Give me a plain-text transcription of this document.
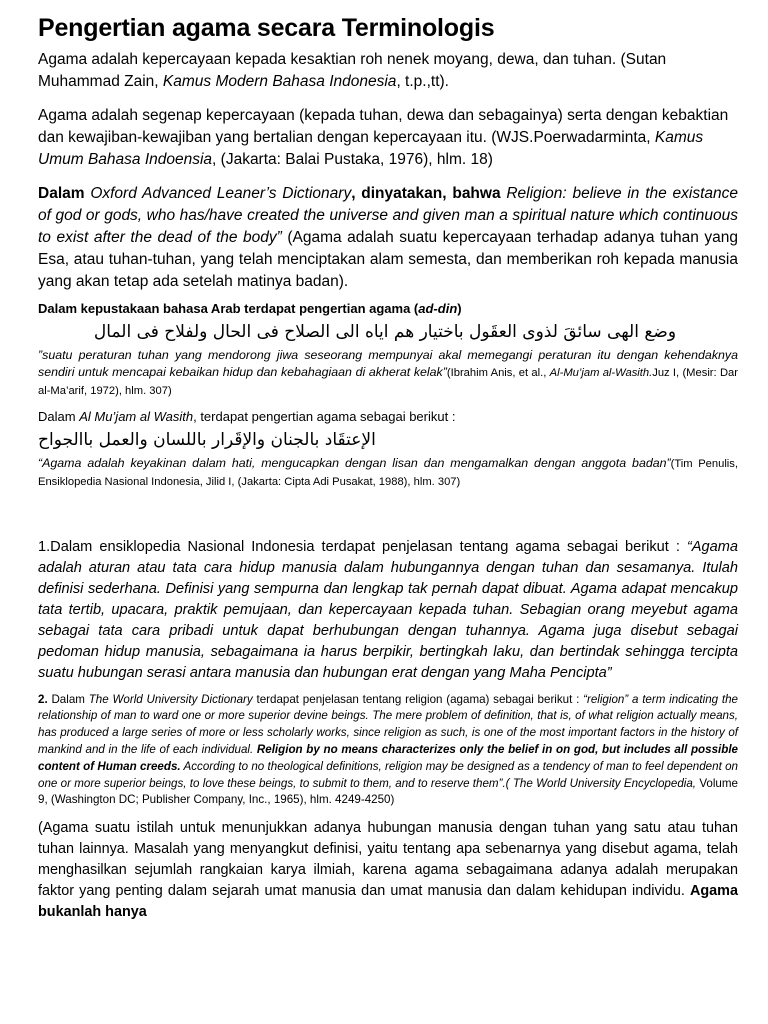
Pengertian agama secara Terminologis

Agama adalah kepercayaan kepada kesaktian roh nenek moyang, dewa, dan tuhan. (Sutan Muhammad Zain, Kamus Modern Bahasa Indonesia, t.p.,tt).

Agama adalah segenap kepercayaan (kepada tuhan, dewa dan sebagainya) serta dengan kebaktian dan kewajiban-kewajiban yang bertalian dengan kepercayaan itu. (WJS.Poerwadarminta, Kamus Umum Bahasa Indoensia, (Jakarta: Balai Pustaka, 1976), hlm. 18)

Dalam Oxford Advanced Leaner’s Dictionary, dinyatakan, bahwa Religion: believe in the existance of god or gods, who has/have created the universe and given man a spiritual nature which continuous to exist after the dead of the body” (Agama adalah suatu kepercayaan terhadap adanya tuhan yang Esa, atau tuhan-tuhan, yang telah menciptakan alam semesta, dan memberikan roh kepada manusia yang akan tetap ada setelah matinya badan).

Dalam kepustakaan bahasa Arab terdapat pengertian agama (ad-din)

وضع الهى سائقَ لذوى العقَول باختيار هم اياه الى الصلاح فى الحال ولفلاح فى المال

”suatu peraturan tuhan yang mendorong jiwa seseorang mempunyai akal memegangi peraturan itu dengan kehendaknya sendiri untuk mencapai kebaikan hidup dan kebahagiaan di akherat kelak”(Ibrahim Anis, et al., Al-Mu’jam al-Wasith.Juz I, (Mesir: Dar al-Ma’arif, 1972), hlm. 307)

Dalam Al Mu’jam al Wasith, terdapat pengertian agama sebagai berikut :

الإعتقَاد بالجنان والإقَرار باللسان والعمل باالجواح

“Agama adalah keyakinan dalam hati, mengucapkan dengan lisan dan mengamalkan dengan anggota badan”(Tim Penulis, Ensiklopedia Nasional Indonesia, Jilid I, (Jakarta: Cipta Adi Pusakat, 1988), hlm. 307)

1.Dalam ensiklopedia Nasional Indonesia terdapat penjelasan tentang agama sebagai berikut : “Agama adalah aturan atau tata cara hidup manusia dalam hubungannya dengan tuhan dan sesamanya. Itulah definisi sederhana. Definisi yang sempurna dan lengkap tak pernah dapat dibuat. Agama adapat mencakup tata tertib, upacara, praktik pemujaan, dan kepercayaan kepada tuhan. Sebagian orang meyebut agama sebagai tata cara pribadi untuk dapat berhubungan dengan tuhannya. Agama juga disebut sebagai pedoman hidup manusia, sebagaimana ia harus berpikir, bertingkah laku, dan bertindak sehingga tercipta suatu hubungan serasi antara manusia dan hubungan erat dengan yang Maha Pencipta”

2. Dalam The World University Dictionary terdapat penjelasan tentang religion (agama) sebagai berikut : “religion” a term indicating the relationship of man to ward one or more superior devine beings. The mere problem of definition, that is, of what religion actually means, has produced a large series of more or less scholarly works, since religion as such, is one of the most important factors in the history of mankind and in the life of each individual. Religion by no means characterizes only the belief in on god, but includes all possible content of Human creeds. According to no theological definitions, religion may be designed as a tendency of man to feel dependent on one or more superior beings, to love these beings, to submit to them, and to reserve them”.( The World University Encyclopedia, Volume 9, (Washington DC; Publisher Company, Inc., 1965), hlm. 4249-4250)

(Agama suatu istilah untuk menunjukkan adanya hubungan manusia dengan tuhan yang satu atau tuhan tuhan lainnya. Masalah yang menyangkut definisi, yaitu tentang apa sebenarnya yang disebut agama, telah menghasilkan sejumlah rangkaian karya ilmiah, karena agama sebagaimana adanya adalah merupakan faktor yang penting dalam sejarah umat manusia dan umat manusia dan dalam kehidupan individu. Agama bukanlah hanya
